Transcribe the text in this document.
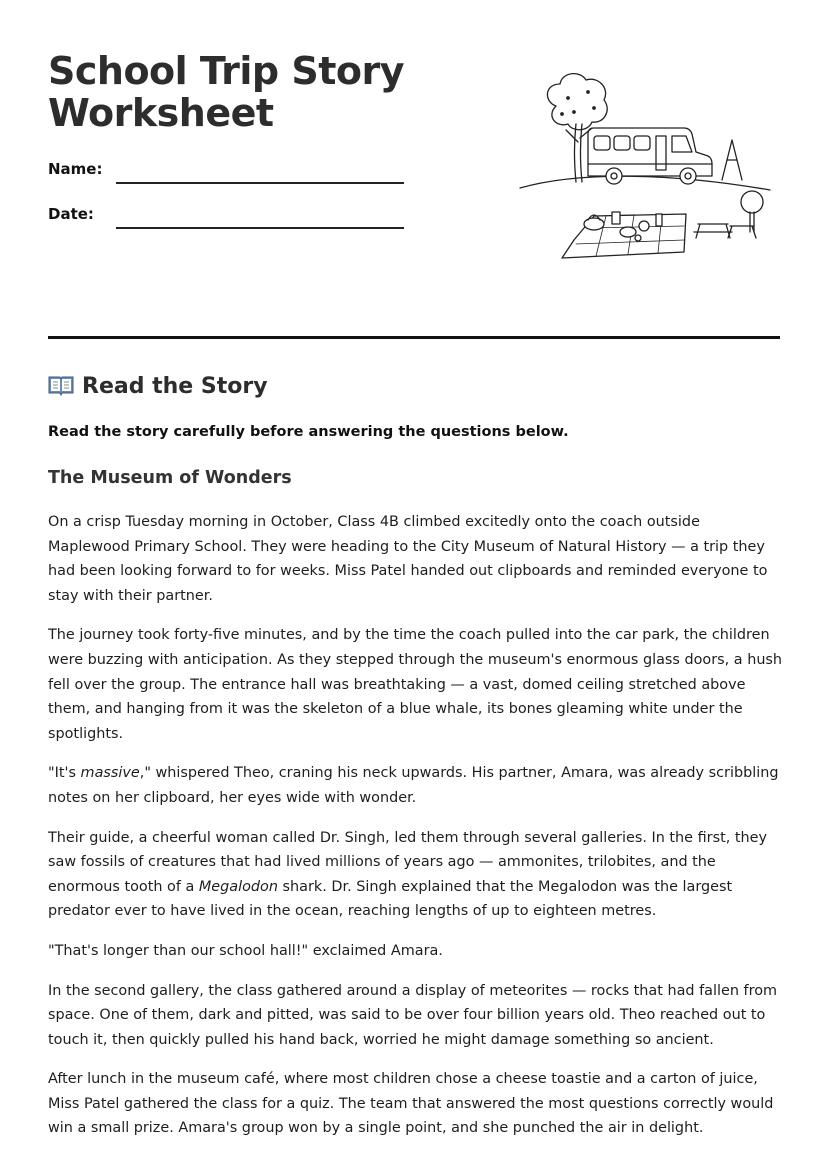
School Trip Story Worksheet
Name:
Date:
Read the Story

Read the story carefully before answering the questions below.

The Museum of Wonders

On a crisp Tuesday morning in October, Class 4B climbed excitedly onto the coach outside Maplewood Primary School. They were heading to the City Museum of Natural History — a trip they had been looking forward to for weeks. Miss Patel handed out clipboards and reminded everyone to stay with their partner.

The journey took forty-five minutes, and by the time the coach pulled into the car park, the children were buzzing with anticipation. As they stepped through the museum's enormous glass doors, a hush fell over the group. The entrance hall was breathtaking — a vast, domed ceiling stretched above them, and hanging from it was the skeleton of a blue whale, its bones gleaming white under the spotlights.

"It's massive," whispered Theo, craning his neck upwards. His partner, Amara, was already scribbling notes on her clipboard, her eyes wide with wonder.

Their guide, a cheerful woman called Dr. Singh, led them through several galleries. In the first, they saw fossils of creatures that had lived millions of years ago — ammonites, trilobites, and the enormous tooth of a Megalodon shark. Dr. Singh explained that the Megalodon was the largest predator ever to have lived in the ocean, reaching lengths of up to eighteen metres.

"That's longer than our school hall!" exclaimed Amara.

In the second gallery, the class gathered around a display of meteorites — rocks that had fallen from space. One of them, dark and pitted, was said to be over four billion years old. Theo reached out to touch it, then quickly pulled his hand back, worried he might damage something so ancient.

After lunch in the museum café, where most children chose a cheese toastie and a carton of juice, Miss Patel gathered the class for a quiz. The team that answered the most questions correctly would win a small prize. Amara's group won by a single point, and she punched the air in delight.
